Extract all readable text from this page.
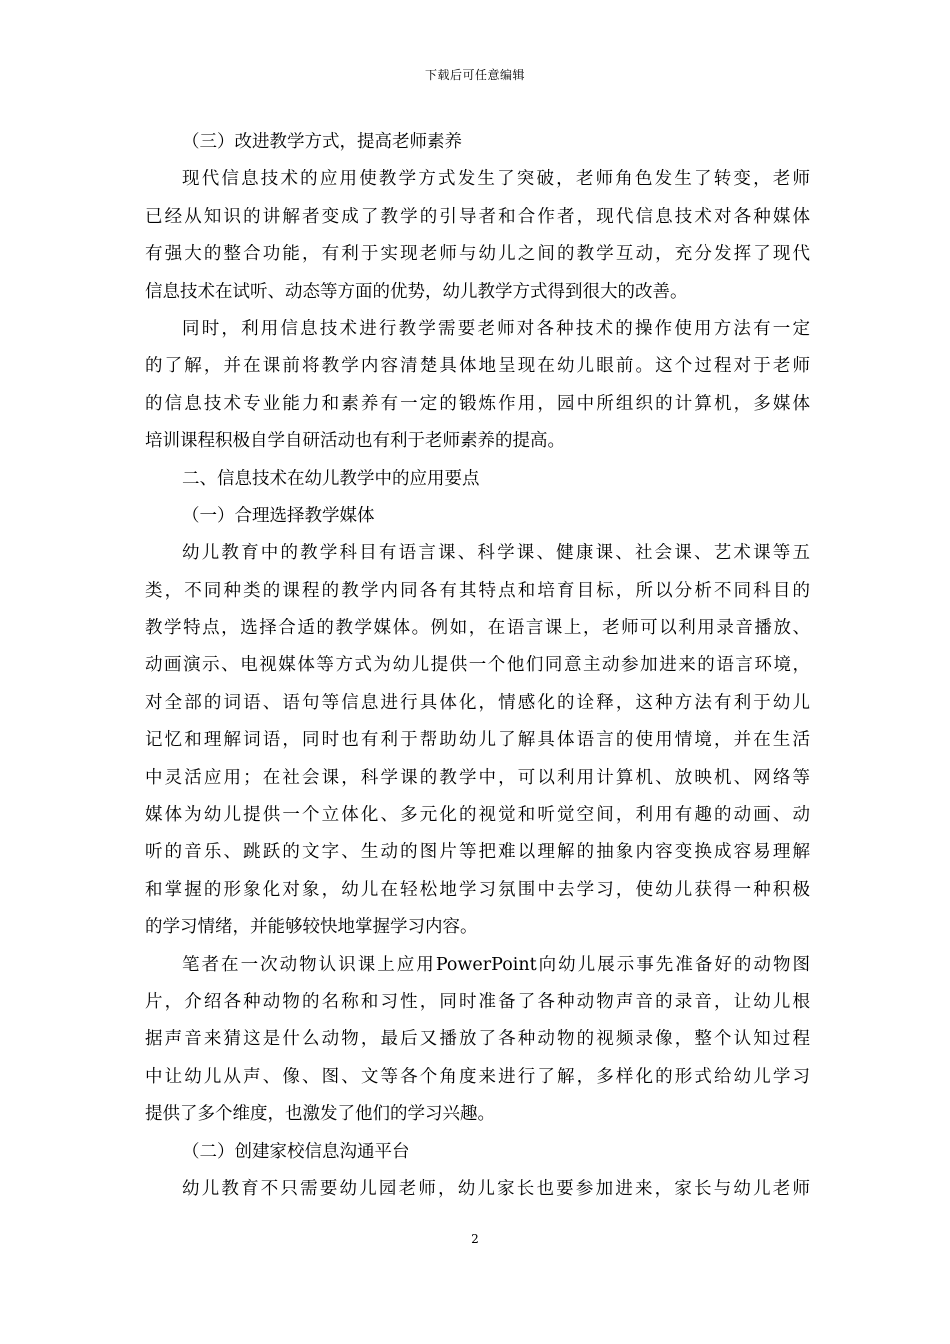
下载后可任意编辑
（三）改进教学方式，提高老师素养
现代信息技术的应用使教学方式发生了突破，老师角色发生了转变，老师
已经从知识的讲解者变成了教学的引导者和合作者，现代信息技术对各种媒体
有强大的整合功能，有利于实现老师与幼儿之间的教学互动，充分发挥了现代
信息技术在试听、动态等方面的优势，幼儿教学方式得到很大的改善。
同时，利用信息技术进行教学需要老师对各种技术的操作使用方法有一定
的了解，并在课前将教学内容清楚具体地呈现在幼儿眼前。这个过程对于老师
的信息技术专业能力和素养有一定的锻炼作用，园中所组织的计算机，多媒体
培训课程积极自学自研活动也有利于老师素养的提高。
二、信息技术在幼儿教学中的应用要点
（一）合理选择教学媒体
幼儿教育中的教学科目有语言课、科学课、健康课、社会课、艺术课等五
类，不同种类的课程的教学内同各有其特点和培育目标，所以分析不同科目的
教学特点，选择合适的教学媒体。例如，在语言课上，老师可以利用录音播放、
动画演示、电视媒体等方式为幼儿提供一个他们同意主动参加进来的语言环境，
对全部的词语、语句等信息进行具体化，情感化的诠释，这种方法有利于幼儿
记忆和理解词语，同时也有利于帮助幼儿了解具体语言的使用情境，并在生活
中灵活应用；在社会课，科学课的教学中，可以利用计算机、放映机、网络等
媒体为幼儿提供一个立体化、多元化的视觉和听觉空间，利用有趣的动画、动
听的音乐、跳跃的文字、生动的图片等把难以理解的抽象内容变换成容易理解
和掌握的形象化对象，幼儿在轻松地学习氛围中去学习，使幼儿获得一种积极
的学习情绪，并能够较快地掌握学习内容。
笔者在一次动物认识课上应用PowerPoint向幼儿展示事先准备好的动物图
片，介绍各种动物的名称和习性，同时准备了各种动物声音的录音，让幼儿根
据声音来猜这是什么动物，最后又播放了各种动物的视频录像，整个认知过程
中让幼儿从声、像、图、文等各个角度来进行了解，多样化的形式给幼儿学习
提供了多个维度，也激发了他们的学习兴趣。
（二）创建家校信息沟通平台
幼儿教育不只需要幼儿园老师，幼儿家长也要参加进来，家长与幼儿老师
2
